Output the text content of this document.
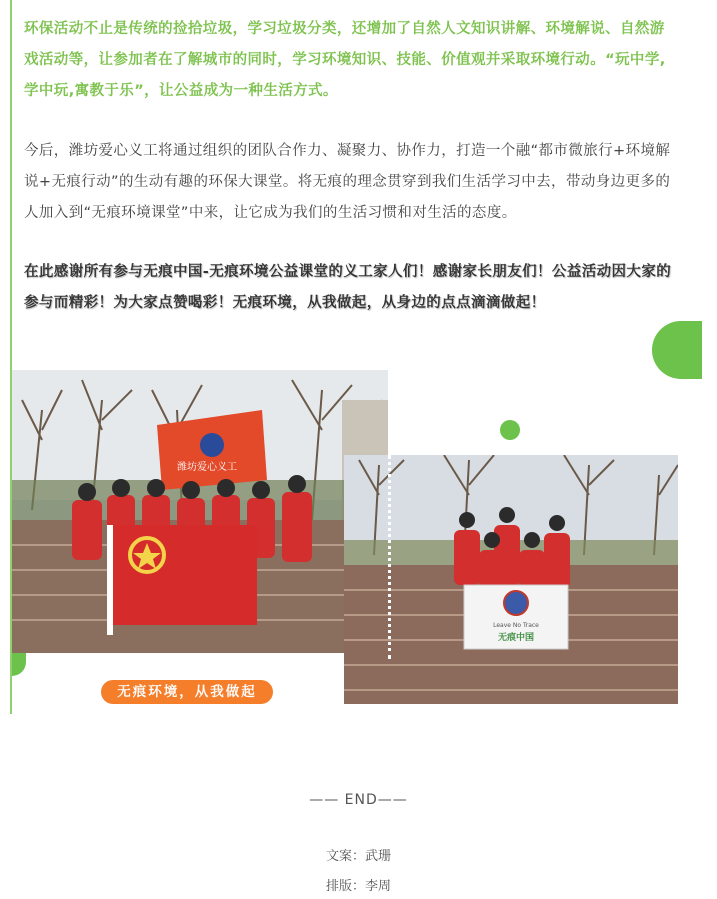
环保活动不止是传统的捡拾垃圾，学习垃圾分类，还增加了自然人文知识讲解、环境解说、自然游戏活动等，让参加者在了解城市的同时，学习环境知识、技能、价值观并采取环境行动。“玩中学,学中玩,寓教于乐”，让公益成为一种生活方式。

今后，潍坊爱心义工将通过组织的团队合作力、凝聚力、协作力，打造一个融“都市微旅行+环境解说+无痕行动”的生动有趣的环保大课堂。将无痕的理念贯穿到我们生活学习中去，带动身边更多的人加入到“无痕环境课堂”中来，让它成为我们的生活习惯和对生活的态度。

在此感谢所有参与无痕中国-无痕环境公益课堂的义工家人们！感谢家长朋友们！公益活动因大家的参与而精彩！为大家点赞喝彩！无痕环境，从我做起，从身边的点点滴滴做起！

潍坊爱心义工
Leave No Trace
无痕中国
无痕环境，从我做起
—— END——
文案：武珊
排版：李周
